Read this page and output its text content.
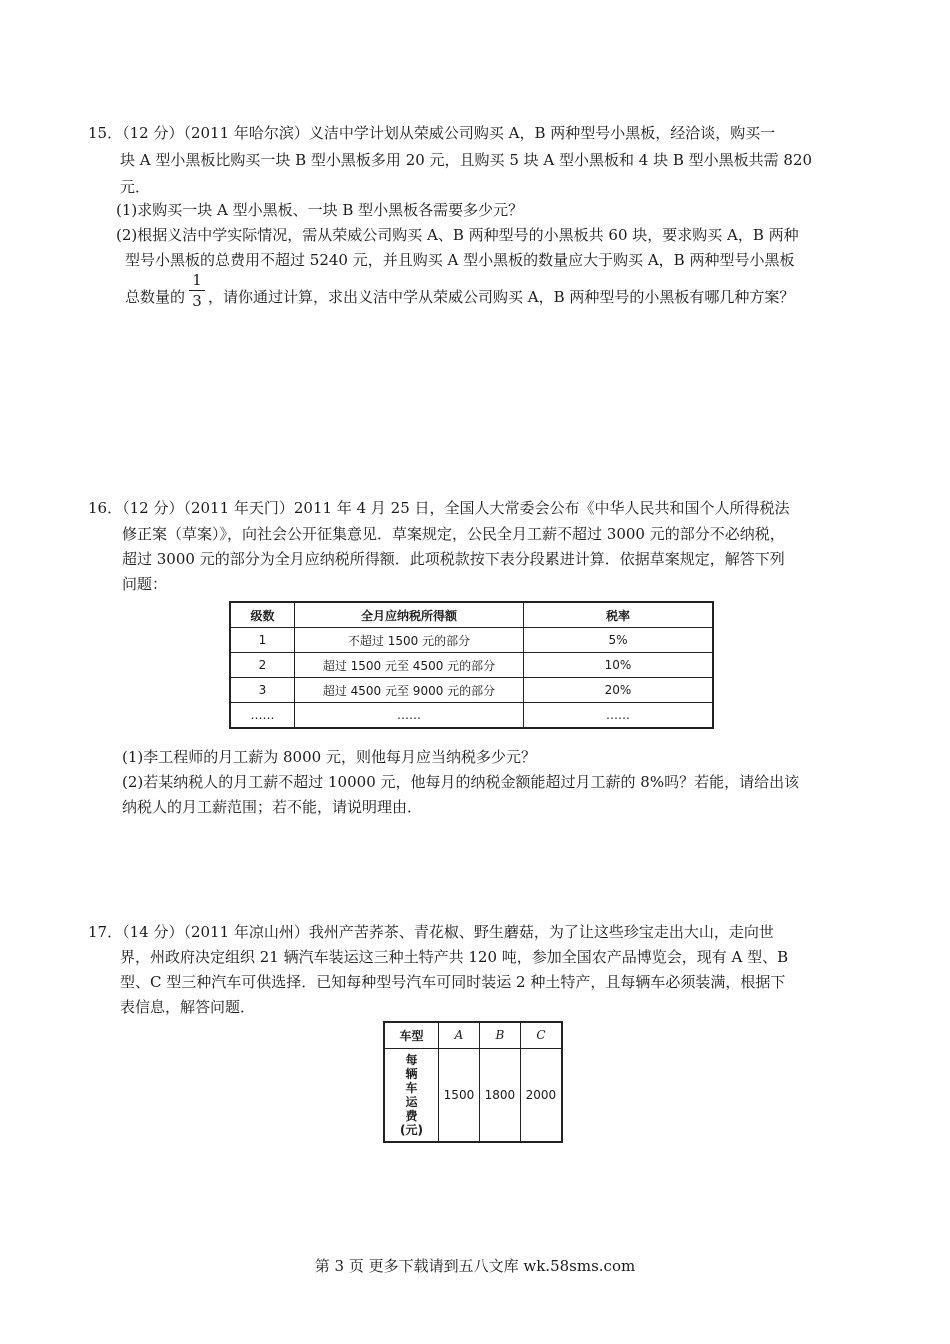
15．（12 分）（2011 年哈尔滨）义洁中学计划从荣威公司购买 A，B 两种型号小黑板，经洽谈，购买一
块 A 型小黑板比购买一块 B 型小黑板多用 20 元，且购买 5 块 A 型小黑板和 4 块 B 型小黑板共需 820
元．
(1)求购买一块 A 型小黑板、一块 B 型小黑板各需要多少元？
(2)根据义洁中学实际情况，需从荣威公司购买 A、B 两种型号的小黑板共 60 块，要求购买 A，B 两种
型号小黑板的总费用不超过 5240 元，并且购买 A 型小黑板的数量应大于购买 A，B 两种型号小黑板
总数量的
1
3 ，请你通过计算，求出义洁中学从荣威公司购买 A，B 两种型号的小黑板有哪几种方案？
16．（12 分）（2011 年天门）2011 年 4 月 25 日，全国人大常委会公布《中华人民共和国个人所得税法
修正案（草案）》，向社会公开征集意见．草案规定，公民全月工薪不超过 3000 元的部分不必纳税，
超过 3000 元的部分为全月应纳税所得额．此项税款按下表分段累进计算．依据草案规定，解答下列
问题：
级数	全月应纳税所得额	税率
1	不超过 1500 元的部分	5%
2	超过 1500 元至 4500 元的部分	10%
3	超过 4500 元至 9000 元的部分	20%
……	……	……
(1)李工程师的月工薪为 8000 元，则他每月应当纳税多少元？
(2)若某纳税人的月工薪不超过 10000 元，他每月的纳税金额能超过月工薪的 8%吗？若能，请给出该
纳税人的月工薪范围；若不能，请说明理由．
17．（14 分）（2011 年凉山州）我州产苦荞茶、青花椒、野生蘑菇，为了让这些珍宝走出大山，走向世
界，州政府决定组织 21 辆汽车装运这三种土特产共 120 吨，参加全国农产品博览会，现有 A 型、B
型、C 型三种汽车可供选择．已知每种型号汽车可同时装运 2 种土特产，且每辆车必须装满，根据下
表信息，解答问题．
车型	A	B	C
每辆车运费(元)	1500	1800	2000
第 3 页 更多下载请到五八文库 wk.58sms.com
